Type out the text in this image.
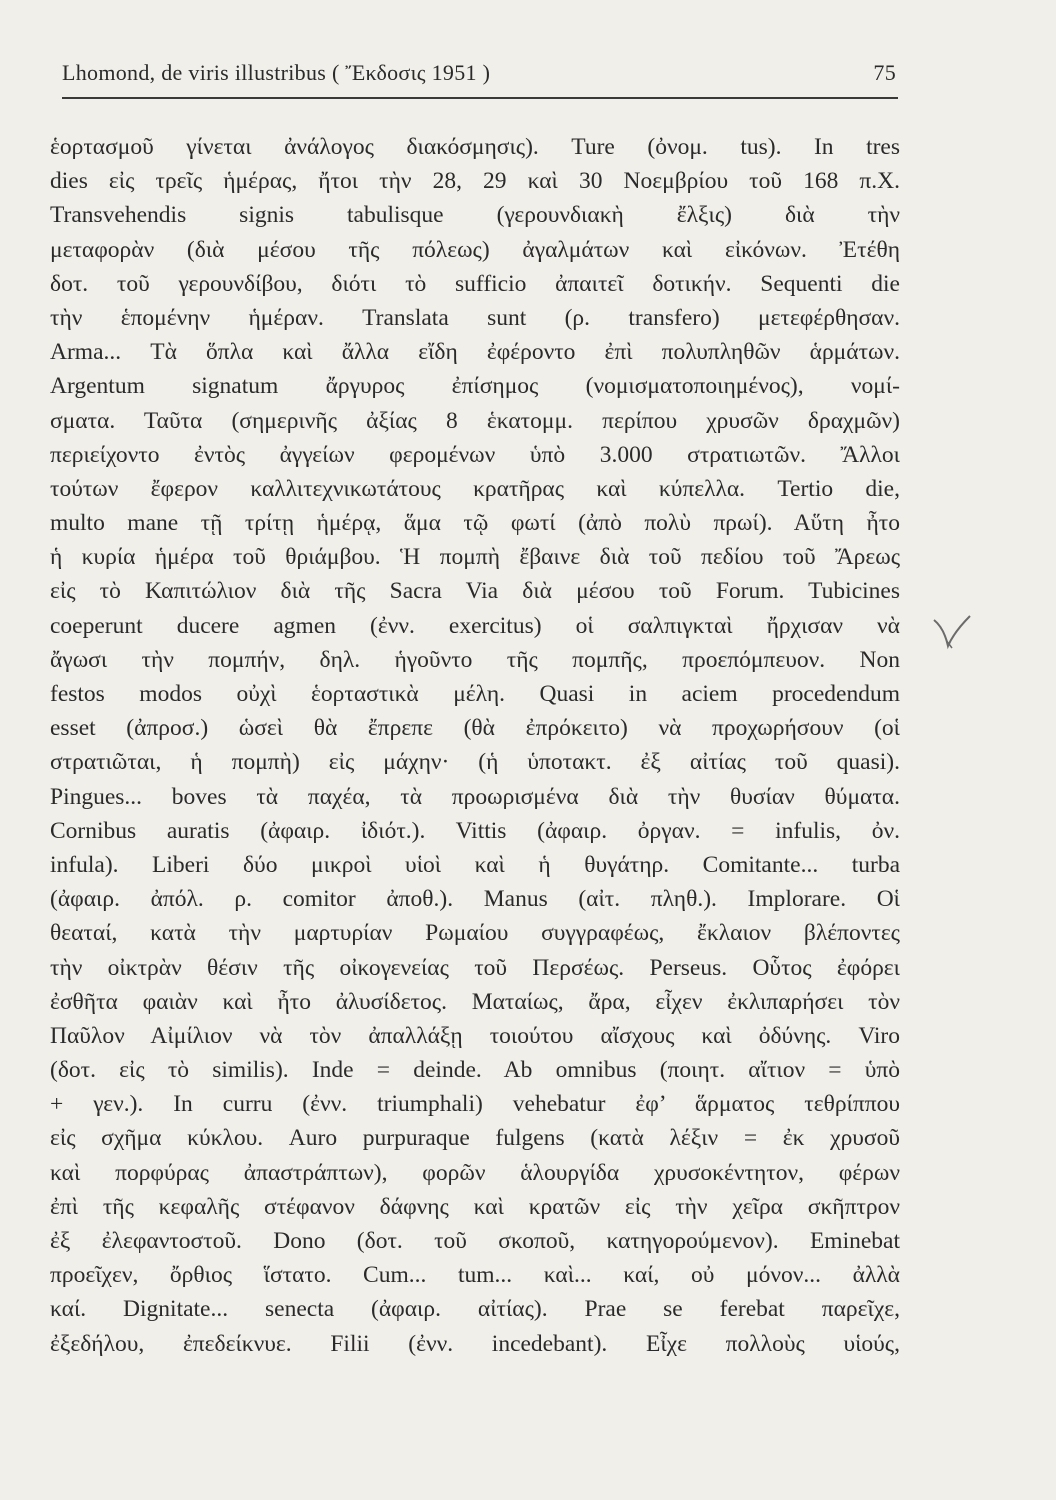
Lhomond, de viris illustribus ( Ἔκδοσις 1951 )	75
ἑορτασμοῦ γίνεται ἀνάλογος διακόσμησις). Ture (ὀνομ. tus). In tres
dies εἰς τρεῖς ἡμέρας, ἤτοι τὴν 28, 29 καὶ 30 Νοεμβρίου τοῦ 168 π.Χ.
Transvehendis signis tabulisque (γερουνδιακὴ ἔλξις) διὰ τὴν
μεταφορὰν (διὰ μέσου τῆς πόλεως) ἀγαλμάτων καὶ εἰκόνων. Ἐτέθη
δοτ. τοῦ γερουνδίβου, διότι τὸ sufficio ἀπαιτεῖ δοτικήν. Sequenti die
τὴν ἑπομένην ἡμέραν. Translata sunt (ρ. transfero) μετεφέρθησαν.
Arma... Τὰ ὅπλα καὶ ἄλλα εἴδη ἐφέροντο ἐπὶ πολυπληθῶν ἁρμάτων.
Argentum signatum ἄργυρος ἐπίσημος (νομισματοποιημένος), νομί-
σματα. Ταῦτα (σημερινῆς ἀξίας 8 ἑκατομμ. περίπου χρυσῶν δραχμῶν)
περιείχοντο ἐντὸς ἀγγείων φερομένων ὑπὸ 3.000 στρατιωτῶν. Ἄλλοι
τούτων ἔφερον καλλιτεχνικωτάτους κρατῆρας καὶ κύπελλα. Tertio die,
multo mane τῇ τρίτῃ ἡμέρᾳ, ἅμα τῷ φωτί (ἀπὸ πολὺ πρωί). Αὕτη ἦτο
ἡ κυρία ἡμέρα τοῦ θριάμβου. Ἡ πομπὴ ἔβαινε διὰ τοῦ πεδίου τοῦ Ἄρεως
εἰς τὸ Καπιτώλιον διὰ τῆς Sacra Via διὰ μέσου τοῦ Forum. Tubicines
coeperunt ducere agmen (ἐνν. exercitus) οἱ σαλπιγκταὶ ἤρχισαν νὰ
ἄγωσι τὴν πομπήν, δηλ. ἡγοῦντο τῆς πομπῆς, προεπόμπευον. Non
festos modos οὐχὶ ἑορταστικὰ μέλη. Quasi in aciem procedendum
esset (ἀπροσ.) ὡσεὶ θὰ ἔπρεπε (θὰ ἐπρόκειτο) νὰ προχωρήσουν (οἱ
στρατιῶται, ἡ πομπὴ) εἰς μάχην· (ἡ ὑποτακτ. ἐξ αἰτίας τοῦ quasi).
Pingues... boves τὰ παχέα, τὰ προωρισμένα διὰ τὴν θυσίαν θύματα.
Cornibus auratis (ἀφαιρ. ἰδιότ.). Vittis (ἀφαιρ. ὀργαν. = infulis, ὀν.
infula). Liberi δύο μικροὶ υἱοὶ καὶ ἡ θυγάτηρ. Comitante... turba
(ἀφαιρ. ἀπόλ. ρ. comitor ἀποθ.). Manus (αἰτ. πληθ.). Implorare. Οἱ
θεαταί, κατὰ τὴν μαρτυρίαν Ρωμαίου συγγραφέως, ἔκλαιον βλέποντες
τὴν οἰκτρὰν θέσιν τῆς οἰκογενείας τοῦ Περσέως. Perseus. Οὗτος ἐφόρει
ἐσθῆτα φαιὰν καὶ ἦτο ἀλυσίδετος. Ματαίως, ἄρα, εἶχεν ἐκλιπαρήσει τὸν
Παῦλον Αἰμίλιον νὰ τὸν ἀπαλλάξῃ τοιούτου αἴσχους καὶ ὀδύνης. Viro
(δοτ. εἰς τὸ similis). Inde = deinde. Ab omnibus (ποιητ. αἴτιον = ὑπὸ
+ γεν.). In curru (ἐνν. triumphali) vehebatur ἐφ’ ἅρματος τεθρίππου
εἰς σχῆμα κύκλου. Auro purpuraque fulgens (κατὰ λέξιν = ἐκ χρυσοῦ
καὶ πορφύρας ἀπαστράπτων), φορῶν ἁλουργίδα χρυσοκέντητον, φέρων
ἐπὶ τῆς κεφαλῆς στέφανον δάφνης καὶ κρατῶν εἰς τὴν χεῖρα σκῆπτρον
ἐξ ἐλεφαντοστοῦ. Dono (δοτ. τοῦ σκοποῦ, κατηγορούμενον). Eminebat
προεῖχεν, ὄρθιος ἵστατο. Cum... tum... καὶ... καί, οὐ μόνον... ἀλλὰ
καί. Dignitate... senecta (ἀφαιρ. αἰτίας). Prae se ferebat παρεῖχε,
ἐξεδήλου, ἐπεδείκνυε. Filii (ἐνν. incedebant). Εἶχε πολλοὺς υἱούς,
